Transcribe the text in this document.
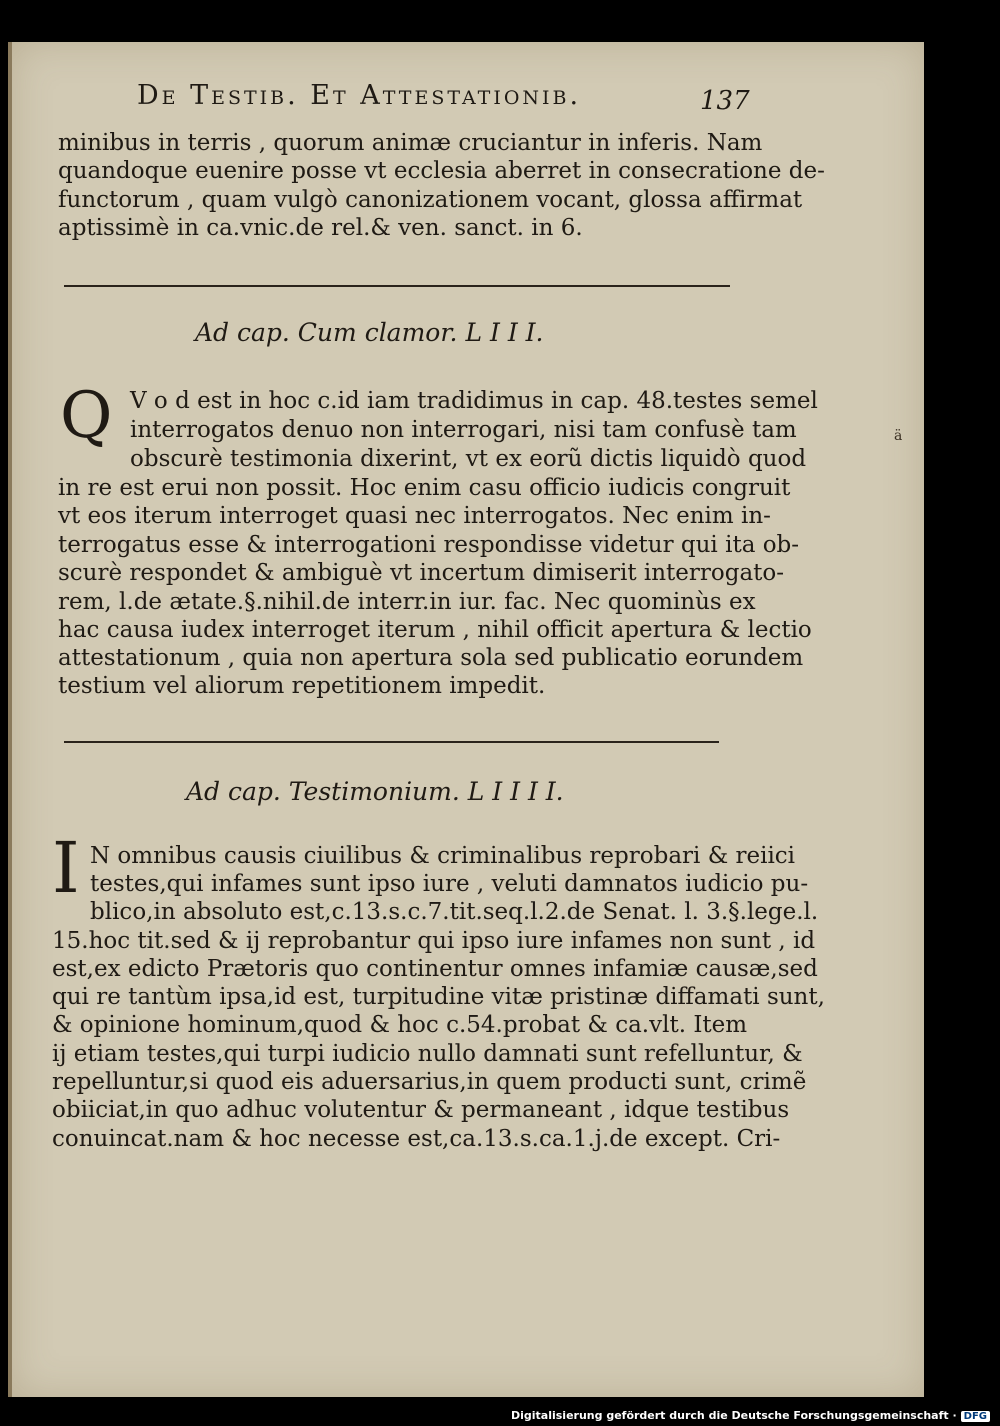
De Testib. Et Attestationib.	137
minibus in terris , quorum animæ cruciantur in inferis. Nam
quandoque euenire posse vt ecclesia aberret in consecratione de-
functorum , quam vulgò canonizationem vocant, glossa affirmat
aptissimè in ca.vnic.de rel.& ven. sanct. in 6.
Ad cap. Cum clamor. L I I I.
Q V o d est in hoc c.id iam tradidimus in cap. 48.testes semel
interrogatos denuo non interrogari, nisi tam confusè tam
obscurè testimonia dixerint, vt ex eorũ dictis liquidò quod
in re est erui non possit. Hoc enim casu officio iudicis congruit
vt eos iterum interroget quasi nec interrogatos. Nec enim in-
terrogatus esse & interrogationi respondisse videtur qui ita ob-
scurè respondet & ambiguè vt incertum dimiserit interrogato-
rem, l.de ætate.§.nihil.de interr.in iur. fac. Nec quominùs ex
hac causa iudex interroget iterum , nihil officit apertura & lectio
attestationum , quia non apertura sola sed publicatio eorundem
testium vel aliorum repetitionem impedit.
ä
Ad cap. Testimonium. L I I I I.
I N omnibus causis ciuilibus & criminalibus reprobari & reiici
testes,qui infames sunt ipso iure , veluti damnatos iudicio pu-
blico,in absoluto est,c.13.s.c.7.tit.seq.l.2.de Senat. l. 3.§.lege.l.
15.hoc tit.sed & ij reprobantur qui ipso iure infames non sunt , id
est,ex edicto Prætoris quo continentur omnes infamiæ causæ,sed
qui re tantùm ipsa,id est, turpitudine vitæ pristinæ diffamati sunt,
& opinione hominum,quod & hoc c.54.probat & ca.vlt. Item
ij etiam testes,qui turpi iudicio nullo damnati sunt refelluntur, &
repelluntur,si quod eis aduersarius,in quem producti sunt, crimẽ
obiiciat,in quo adhuc volutentur & permaneant , idque testibus
conuincat.nam & hoc necesse est,ca.13.s.ca.1.j.de except. Cri-
Digitalisierung gefördert durch die Deutsche Forschungsgemeinschaft · DFG
